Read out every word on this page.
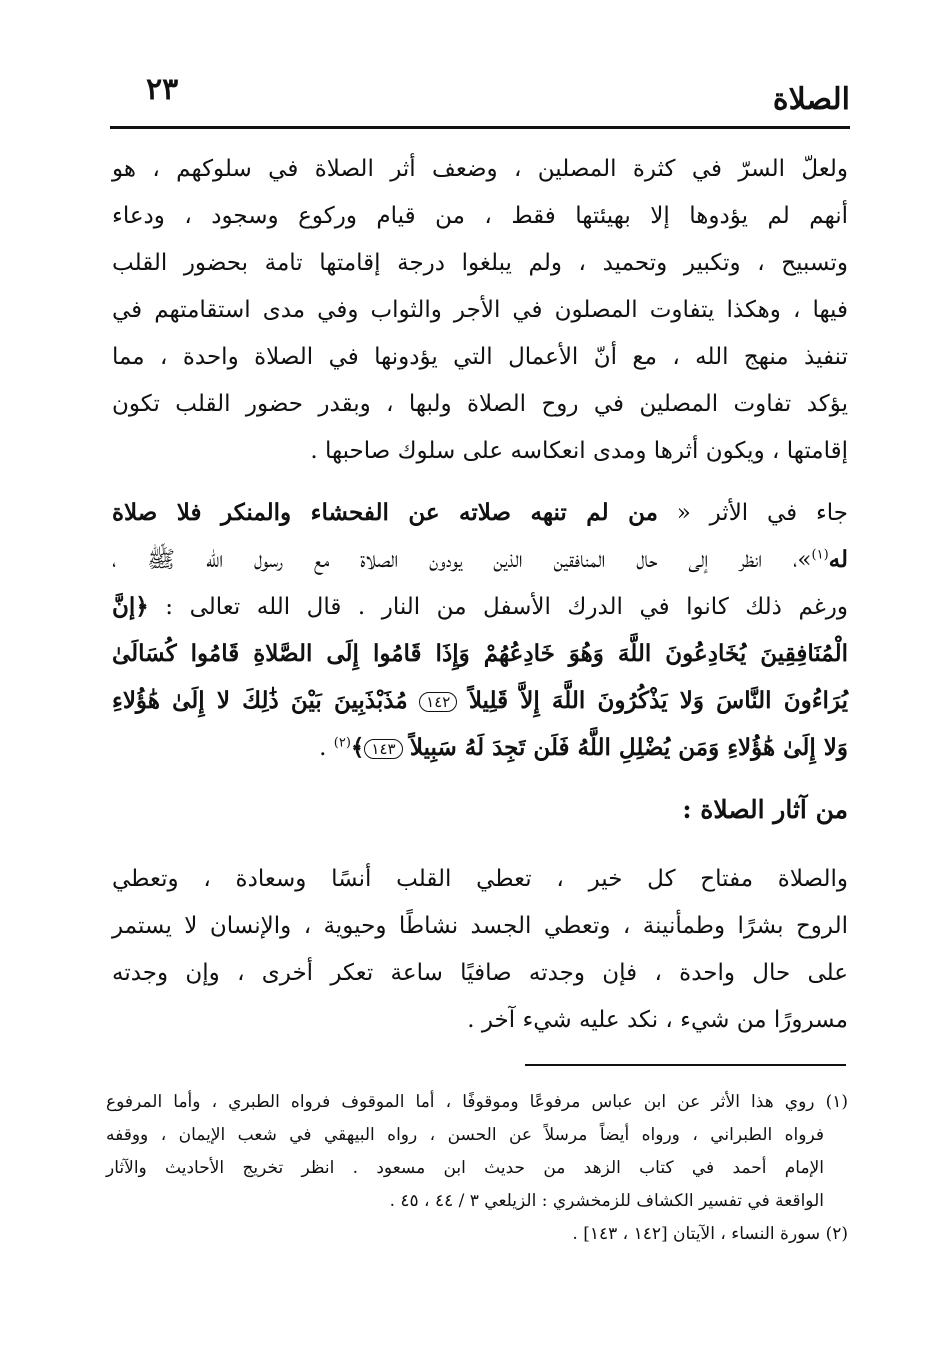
الصلاة
٢٣
ولعلّ السرّ في كثرة المصلين ، وضعف أثر الصلاة في سلوكهم ، هو
أنهم لم يؤدوها إلا بهيئتها فقط ، من قيام وركوع وسجود ، ودعاء
وتسبيح ، وتكبير وتحميد ، ولم يبلغوا درجة إقامتها تامة بحضور القلب
فيها ، وهكذا يتفاوت المصلون في الأجر والثواب وفي مدى استقامتهم في
تنفيذ منهج الله ، مع أنّ الأعمال التي يؤدونها في الصلاة واحدة ، مما
يؤكد تفاوت المصلين في روح الصلاة ولبها ، وبقدر حضور القلب تكون
إقامتها ، ويكون أثرها ومدى انعكاسه على سلوك صاحبها .
جاء في الأثر « من لم تنهه صلاته عن الفحشاء والمنكر فلا صلاة
له$^{(١)}$»، انظر إلى حال المنافقين الذين يودون الصلاة مع رسول الله ﷺ ،
ورغم ذلك كانوا في الدرك الأسفل من النار . قال الله تعالى : ﴿إنَّ
الْمُنَافِقِينَ يُخَادِعُونَ اللَّهَ وَهُوَ خَادِعُهُمْ وَإِذَا قَامُوا إِلَى الصَّلاةِ قَامُوا كُسَالَىٰ
يُرَاءُونَ النَّاسَ وَلا يَذْكُرُونَ اللَّهَ إِلاَّ قَلِيلاً ١٤٢ مُذَبْذَبِينَ بَيْنَ ذَٰلِكَ لا إِلَىٰ هَٰؤُلاءِ
وَلا إِلَىٰ هَٰؤُلاءِ وَمَن يُضْلِلِ اللَّهُ فَلَن تَجِدَ لَهُ سَبِيلاً ١٤٣﴾$^{(٢)}$ .
من آثار الصلاة :
والصلاة مفتاح كل خير ، تعطي القلب أنسًا وسعادة ، وتعطي
الروح بشرًا وطمأنينة ، وتعطي الجسد نشاطًا وحيوية ، والإنسان لا يستمر
على حال واحدة ، فإن وجدته صافيًا ساعة تعكر أخرى ، وإن وجدته
مسرورًا من شيء ، نكد عليه شيء آخر .
(١) روي هذا الأثر عن ابن عباس مرفوعًا وموقوفًا ، أما الموقوف فرواه الطبري ، وأما المرفوع
فرواه الطبراني ، ورواه أيضاً مرسلاً عن الحسن ، رواه البيهقي في شعب الإيمان ، ووقفه
الإمام أحمد في كتاب الزهد من حديث ابن مسعود . انظر تخريج الأحاديث والآثار
الواقعة في تفسير الكشاف للزمخشري : الزيلعي ٣ / ٤٤ ، ٤٥ .
(٢) سورة النساء ، الآيتان [١٤٢ ، ١٤٣] .
